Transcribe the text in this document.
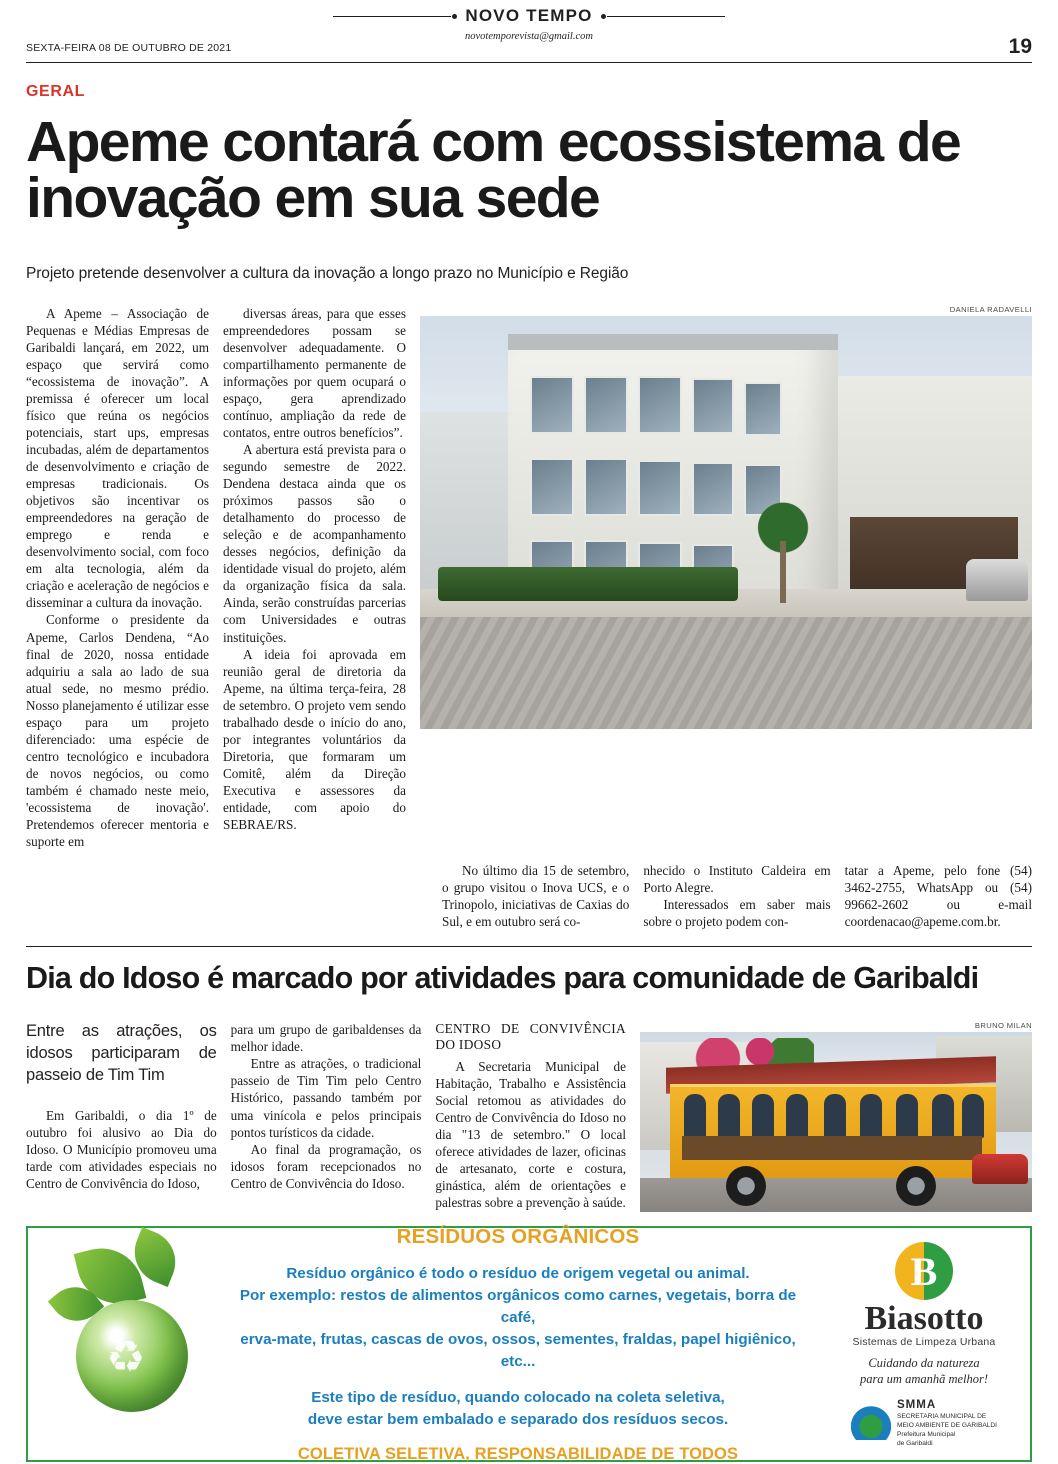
SEXTA-FEIRA 08 DE OUTUBRO DE 2021
NOVO TEMPO
novotemporevista@gmail.com	19
GERAL
Apeme contará com ecossistema de inovação em sua sede
Projeto pretende desenvolver a cultura da inovação a longo prazo no Município e Região

A Apeme – Associação de Pequenas e Médias Empresas de Garibaldi lançará, em 2022, um espaço que servirá como “ecossistema de inovação”. A premissa é oferecer um local físico que reúna os negócios potenciais, start ups, empresas incubadas, além de departamentos de desenvolvimento e criação de empresas tradicionais. Os objetivos são incentivar os empreendedores na geração de emprego e renda e desenvolvimento social, com foco em alta tecnologia, além da criação e aceleração de negócios e disseminar a cultura da inovação.

Conforme o presidente da Apeme, Carlos Dendena, “Ao final de 2020, nossa entidade adquiriu a sala ao lado de sua atual sede, no mesmo prédio. Nosso planejamento é utilizar esse espaço para um projeto diferenciado: uma espécie de centro tecnológico e incubadora de novos negócios, ou como também é chamado neste meio, 'ecossistema de inovação'. Pretendemos oferecer mentoria e suporte em

diversas áreas, para que esses empreendedores possam se desenvolver adequadamente. O compartilhamento permanente de informações por quem ocupará o espaço, gera aprendizado contínuo, ampliação da rede de contatos, entre outros benefícios”.

A abertura está prevista para o segundo semestre de 2022. Dendena destaca ainda que os próximos passos são o detalhamento do processo de seleção e de acompanhamento desses negócios, definição da identidade visual do projeto, além da organização física da sala. Ainda, serão construídas parcerias com Universidades e outras instituições.

A ideia foi aprovada em reunião geral de diretoria da Apeme, na última terça-feira, 28 de setembro. O projeto vem sendo trabalhado desde o início do ano, por integrantes voluntários da Diretoria, que formaram um Comitê, além da Direção Executiva e assessores da entidade, com apoio do SEBRAE/RS.

DANIELA RADAVELLI

No último dia 15 de setembro, o grupo visitou o Inova UCS, e o Trinopolo, iniciativas de Caxias do Sul, e em outubro será co-

nhecido o Instituto Caldeira em Porto Alegre.

Interessados em saber mais sobre o projeto podem con-

tatar a Apeme, pelo fone (54) 3462-2755, WhatsApp ou (54) 99662-2602 ou e-mail coordenacao@apeme.com.br.

Dia do Idoso é marcado por atividades para comunidade de Garibaldi
Entre as atrações, os idosos participaram de passeio de Tim Tim

Em Garibaldi, o dia 1º de outubro foi alusivo ao Dia do Idoso. O Município promoveu uma tarde com atividades especiais no Centro de Convivência do Idoso,

para um grupo de garibaldenses da melhor idade.

Entre as atrações, o tradicional passeio de Tim Tim pelo Centro Histórico, passando também por uma vinícola e pelos principais pontos turísticos da cidade.

Ao final da programação, os idosos foram recepcionados no Centro de Convivência do Idoso.

CENTRO DE CONVIVÊNCIA DO IDOSO

A Secretaria Municipal de Habitação, Trabalho e Assistência Social retomou as atividades do Centro de Convivência do Idoso no dia "13 de setembro." O local oferece atividades de lazer, oficinas de artesanato, corte e costura, ginástica, além de orientações e palestras sobre a prevenção à saúde.

BRUNO MILAN
♻
RESÍDUOS ORGÂNICOS
Resíduo orgânico é todo o resíduo de origem vegetal ou animal.
Por exemplo: restos de alimentos orgânicos como carnes, vegetais, borra de café,
erva-mate, frutas, cascas de ovos, ossos, sementes, fraldas, papel higiênico, etc...
Este tipo de resíduo, quando colocado na coleta seletiva,
deve estar bem embalado e separado dos resíduos secos.
COLETIVA SELETIVA, RESPONSABILIDADE DE TODOS
B
Biasotto
Sistemas de Limpeza Urbana
Cuidando da natureza
para um amanhã melhor!
SMMA
SECRETARIA MUNICIPAL DE
MEIO AMBIENTE DE GARIBALDI
Prefeitura Municipal
de Garibaldi
